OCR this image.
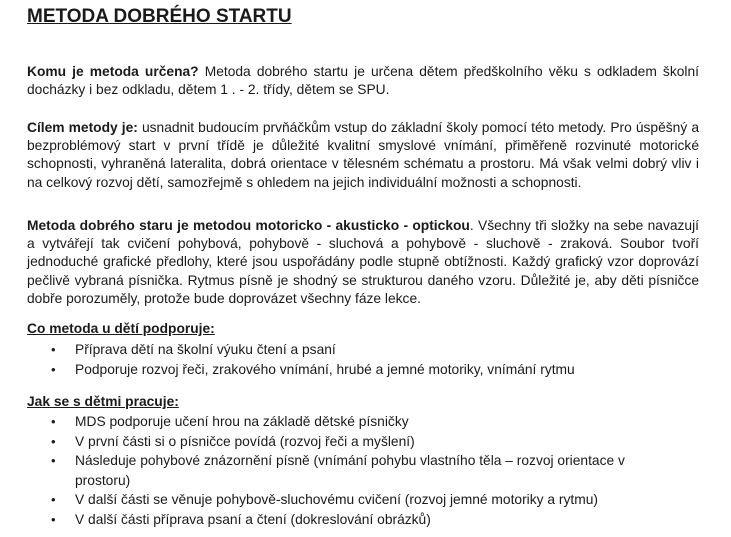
METODA DOBRÉHO STARTU

Komu je metoda určena? Metoda dobrého startu je určena dětem předškolního věku s odkladem školní docházky i bez odkladu, dětem 1 . - 2. třídy, dětem se SPU.

Cílem metody je: usnadnit budoucím prvňáčkům vstup do základní školy pomocí této metody. Pro úspěšný a bezproblémový start v první třídě je důležité kvalitní smyslové vnímání, přiměřeně rozvinuté motorické schopnosti, vyhraněná lateralita, dobrá orientace v tělesném schématu a prostoru. Má však velmi dobrý vliv i na celkový rozvoj dětí, samozřejmě s ohledem na jejich individuální možnosti a schopnosti.

Metoda dobrého staru je metodou motoricko - akusticko - optickou. Všechny tři složky na sebe navazují a vytvářejí tak cvičení pohybová, pohybově - sluchová a pohybově - sluchově - zraková. Soubor tvoří jednoduché grafické předlohy, které jsou uspořádány podle stupně obtížnosti. Každý grafický vzor doprovází pečlivě vybraná písnička. Rytmus písně je shodný se strukturou daného vzoru. Důležité je, aby děti písničce dobře porozuměly, protože bude doprovázet všechny fáze lekce.

Co metoda u dětí podporuje:
• Příprava dětí na školní výuku čtení a psaní
• Podporuje rozvoj řeči, zrakového vnímání, hrubé a jemné motoriky, vnímání rytmu
Jak se s dětmi pracuje:
• MDS podporuje učení hrou na základě dětské písničky
• V první části si o písničce povídá (rozvoj řeči a myšlení)
• Následuje pohybové znázornění písně (vnímání pohybu vlastního těla – rozvoj orientace v prostoru)
• V další části se věnuje pohybově-sluchovému cvičení (rozvoj jemné motoriky a rytmu)
• V další části příprava psaní a čtení (dokreslování obrázků)
